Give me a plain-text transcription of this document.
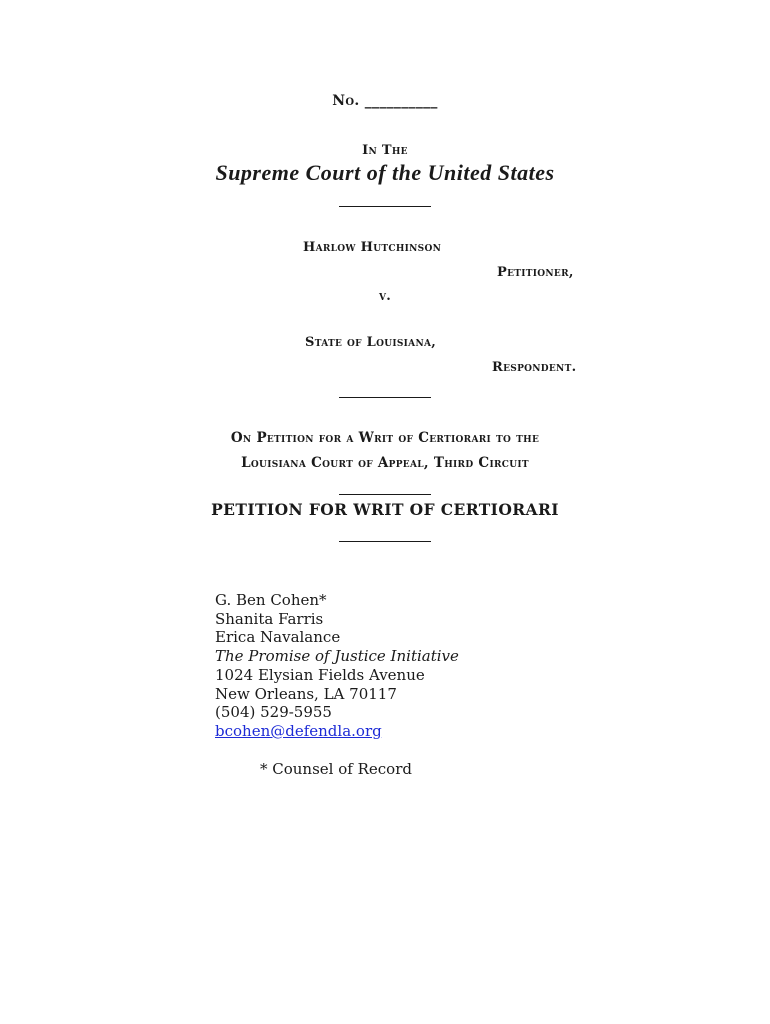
No. __________
In The
Supreme Court of the United States
Harlow Hutchinson
Petitioner,
v.
State of Louisiana,
Respondent.
On Petition for a Writ of Certiorari to the
Louisiana Court of Appeal, Third Circuit
PETITION FOR WRIT OF CERTIORARI
G. Ben Cohen*
Shanita Farris
Erica Navalance
The Promise of Justice Initiative
1024 Elysian Fields Avenue
New Orleans, LA 70117
(504) 529-5955
bcohen@defendla.org
* Counsel of Record
